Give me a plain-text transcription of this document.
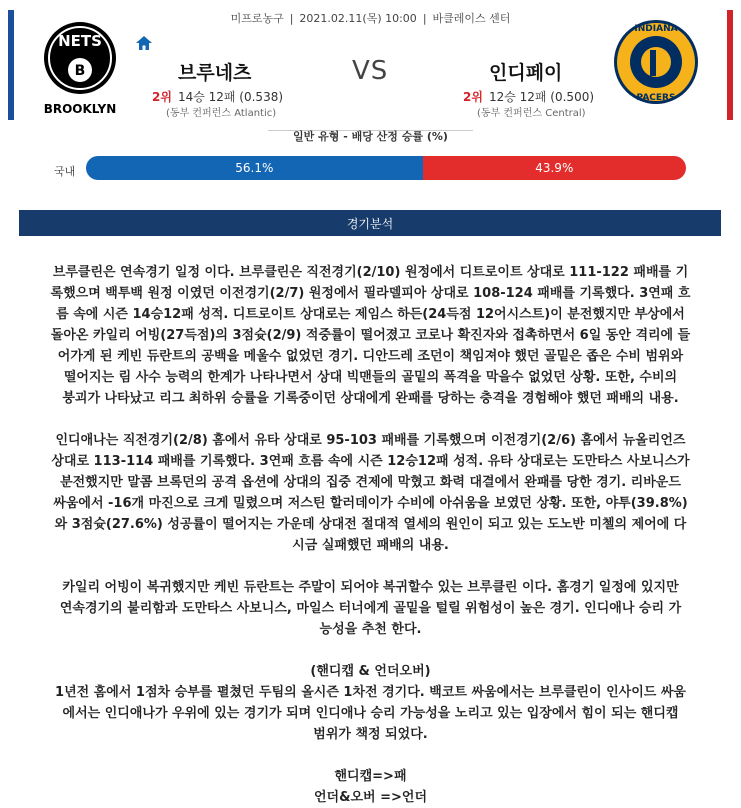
미프로농구 | 2021.02.11(목) 10:00 | 바클레이스 센터
NETS
B
BROOKLYN
INDIANA
PACERS
브루네츠	VS	인디페이
2위 14승 12패 (0.538)	2위 12승 12패 (0.500)
(동부 컨퍼런스 Atlantic)	(동부 컨퍼런스 Central)
일반 유형 - 배당 산정 승률 (%)
국내	56.1%	43.9%
경기분석

브루클린은 연속경기 일정 이다. 브루클린은 직전경기(2/10) 원정에서 디트로이트 상대로 111-122 패배를 기
록했으며 백투백 원정 이였던 이전경기(2/7) 원정에서 필라델피아 상대로 108-124 패배를 기록했다. 3연패 흐
름 속에 시즌 14승12패 성적. 디트로이트 상대로는 제임스 하든(24득점 12어시스트)이 분전했지만 부상에서
돌아온 카일리 어빙(27득점)의 3점슛(2/9) 적중률이 떨어졌고 코로나 확진자와 접촉하면서 6일 동안 격리에 들
어가게 된 케빈 듀란트의 공백을 메울수 없었던 경기. 디안드레 조던이 책임져야 했던 골밑은 좁은 수비 범위와
떨어지는 림 사수 능력의 한계가 나타나면서 상대 빅맨들의 골밑의 폭격을 막을수 없었던 상황. 또한, 수비의
붕괴가 나타났고 리그 최하위 승률을 기록중이던 상대에게 완패를 당하는 충격을 경험해야 했던 패배의 내용.

인디애나는 직전경기(2/8) 홈에서 유타 상대로 95-103 패배를 기록했으며 이전경기(2/6) 홈에서 뉴올리언즈
상대로 113-114 패배를 기록했다. 3연패 흐름 속에 시즌 12승12패 성적. 유타 상대로는 도만타스 사보니스가
분전했지만 말콤 브록던의 공격 옵션에 상대의 집중 견제에 막혔고 화력 대결에서 완패를 당한 경기. 리바운드
싸움에서 -16개 마진으로 크게 밀렸으며 저스틴 할러데이가 수비에 아쉬움을 보였던 상황. 또한, 야투(39.8%)
와 3점슛(27.6%) 성공률이 떨어지는 가운데 상대전 절대적 열세의 원인이 되고 있는 도노반 미첼의 제어에 다
시금 실패했던 패배의 내용.

카일리 어빙이 복귀했지만 케빈 듀란트는 주말이 되어야 복귀할수 있는 브루클린 이다. 홈경기 일정에 있지만
연속경기의 불리함과 도만타스 사보니스, 마일스 터너에게 골밑을 털릴 위험성이 높은 경기. 인디애나 승리 가
능성을 추천 한다.

(핸디캡 & 언더오버)
1년전 홈에서 1점차 승부를 펼쳤던 두팀의 올시즌 1차전 경기다. 백코트 싸움에서는 브루클린이 인사이드 싸움
에서는 인디애나가 우위에 있는 경기가 되며 인디애나 승리 가능성을 노리고 있는 입장에서 힘이 되는 핸디캡
범위가 책정 되었다.

핸디캡=>패
언더&오버 =>언더
